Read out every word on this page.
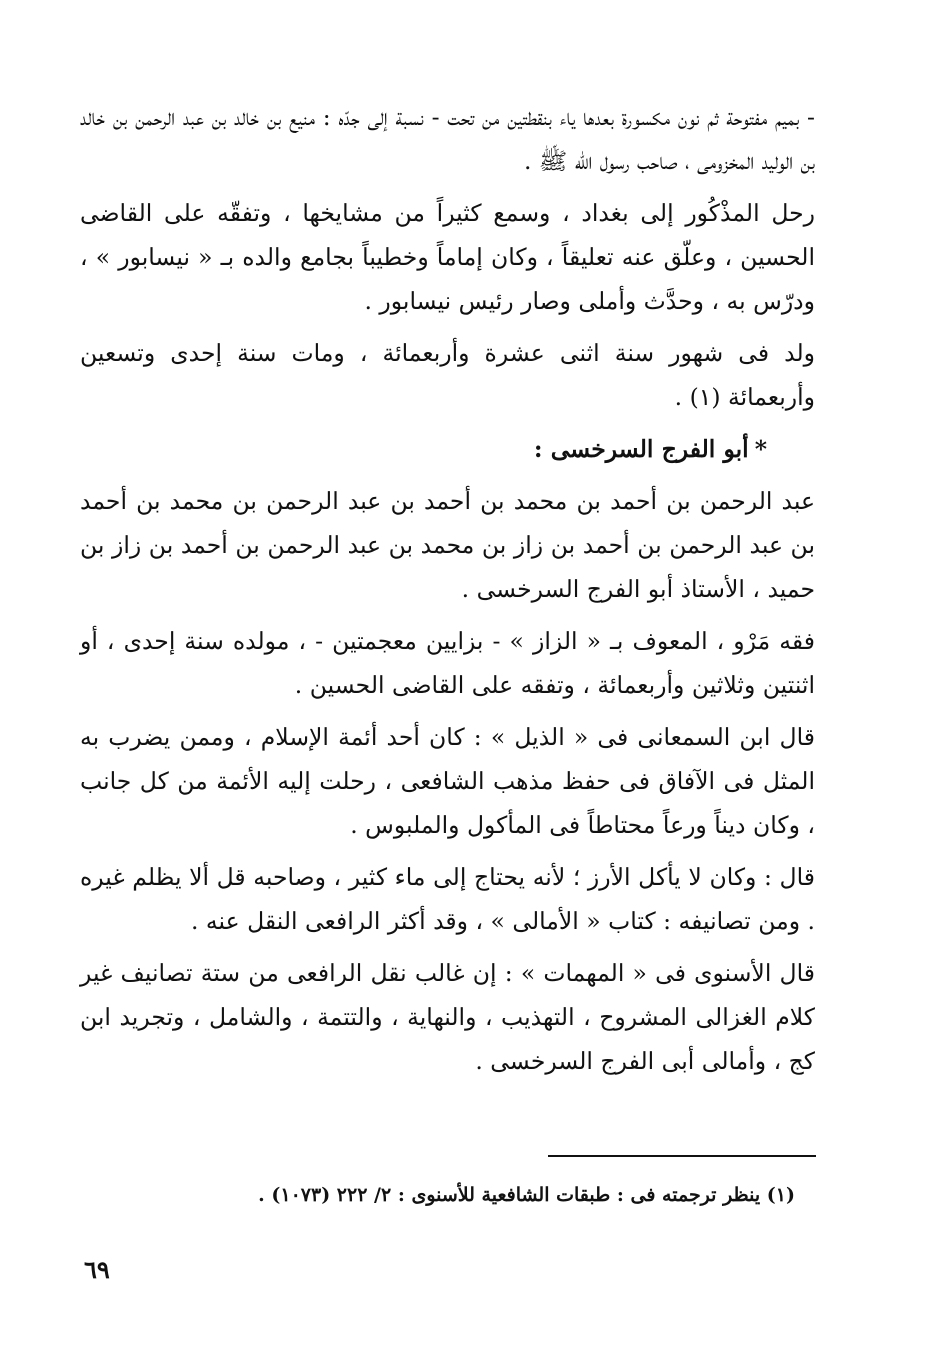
- بميم مفتوحة ثم نون مكسورة بعدها ياء بنقطتين من تحت - نسبة إلى جدّه : منيع بن خالد بن عبد الرحمن بن خالد بن الوليد المخزومى ، صاحب رسول الله ﷺ .

رحل المذْكُور إلى بغداد ، وسمع كثيراً من مشايخها ، وتفقّه على القاضى الحسين ، وعلّق عنه تعليقاً ، وكان إماماً وخطيباً بجامع والده بـ « نيسابور » ، ودرّس به ، وحدَّث وأملى وصار رئيس نيسابور .

ولد فى شهور سنة اثنى عشرة وأربعمائة ، ومات سنة إحدى وتسعين وأربعمائة (١) .

*أبو الفرج السرخسى :

عبد الرحمن بن أحمد بن محمد بن أحمد بن عبد الرحمن بن محمد بن أحمد بن عبد الرحمن بن أحمد بن زاز بن محمد بن عبد الرحمن بن أحمد بن زاز بن حميد ، الأستاذ أبو الفرج السرخسى .

فقه مَرْو ، المعوف بـ « الزاز » - بزايين معجمتين - ، مولده سنة إحدى ، أو اثنتين وثلاثين وأربعمائة ، وتفقه على القاضى الحسين .

قال ابن السمعانى فى « الذيل » : كان أحد أئمة الإسلام ، وممن يضرب به المثل فى الآفاق فى حفظ مذهب الشافعى ، رحلت إليه الأئمة من كل جانب ، وكان ديناً ورعاً محتاطاً فى المأكول والملبوس .

قال : وكان لا يأكل الأرز ؛ لأنه يحتاج إلى ماء كثير ، وصاحبه قل ألا يظلم غيره . ومن تصانيفه : كتاب « الأمالى » ، وقد أكثر الرافعى النقل عنه .

قال الأسنوى فى « المهمات » : إن غالب نقل الرافعى من ستة تصانيف غير كلام الغزالى المشروح ، التهذيب ، والنهاية ، والتتمة ، والشامل ، وتجريد ابن كج ، وأمالى أبى الفرج السرخسى .

(١) ينظر ترجمته فى : طبقات الشافعية للأسنوى : ٢/ ٢٢٢ (١٠٧٣) .
٦٩
